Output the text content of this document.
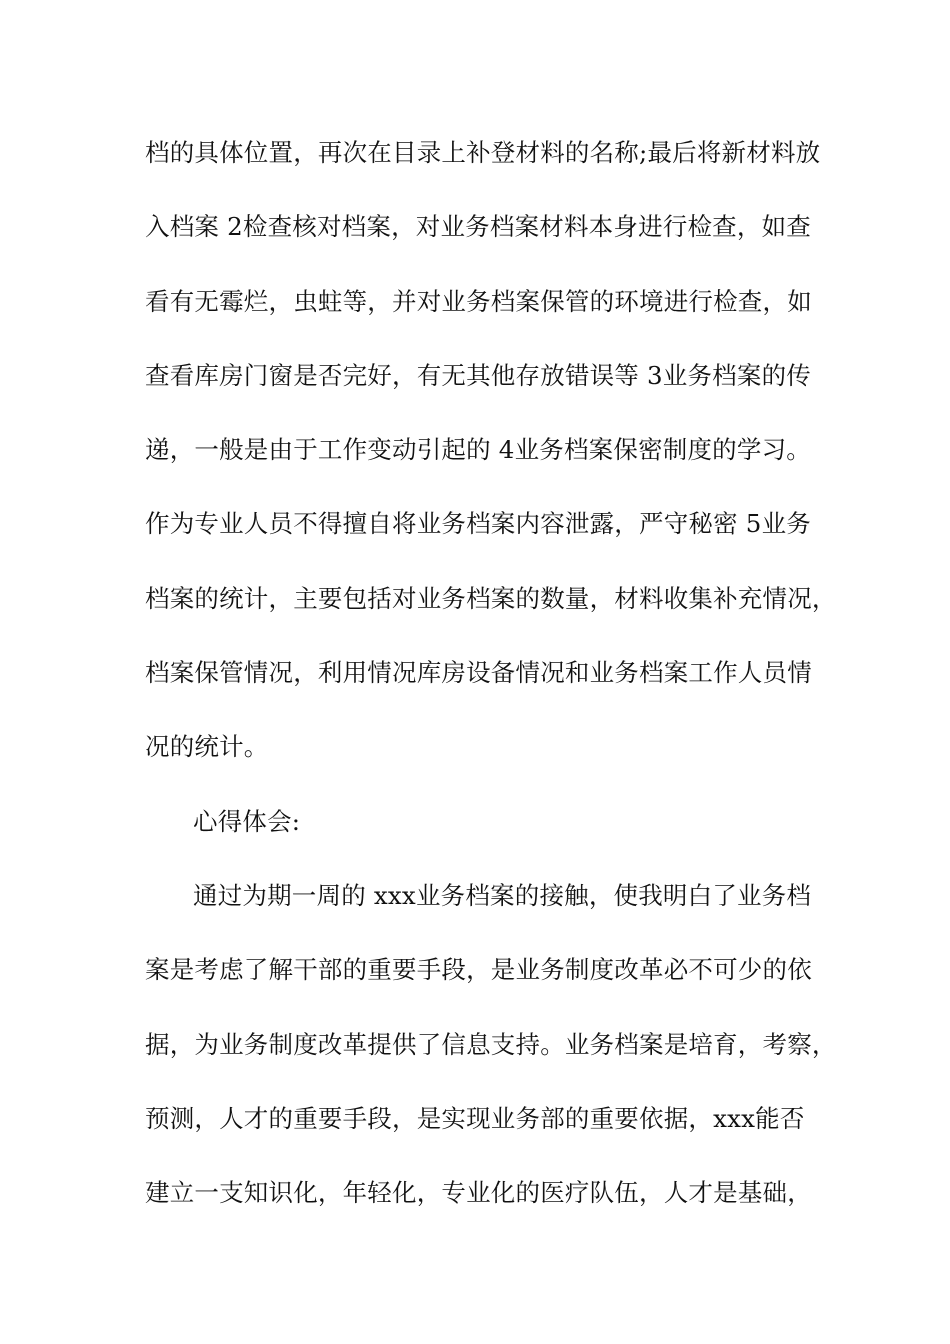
档的具体位置，再次在目录上补登材料的名称;最后将新材料放
入档案 2检查核对档案，对业务档案材料本身进行检查，如查
看有无霉烂，虫蛀等，并对业务档案保管的环境进行检查，如
查看库房门窗是否完好，有无其他存放错误等 3业务档案的传
递，一般是由于工作变动引起的 4业务档案保密制度的学习。
作为专业人员不得擅自将业务档案内容泄露，严守秘密 5业务
档案的统计，主要包括对业务档案的数量，材料收集补充情况，
档案保管情况，利用情况库房设备情况和业务档案工作人员情
况的统计。
心得体会:
通过为期一周的 xxx业务档案的接触，使我明白了业务档
案是考虑了解干部的重要手段，是业务制度改革必不可少的依
据，为业务制度改革提供了信息支持。业务档案是培育，考察，
预测，人才的重要手段，是实现业务部的重要依据，xxx能否
建立一支知识化，年轻化，专业化的医疗队伍，人才是基础，
